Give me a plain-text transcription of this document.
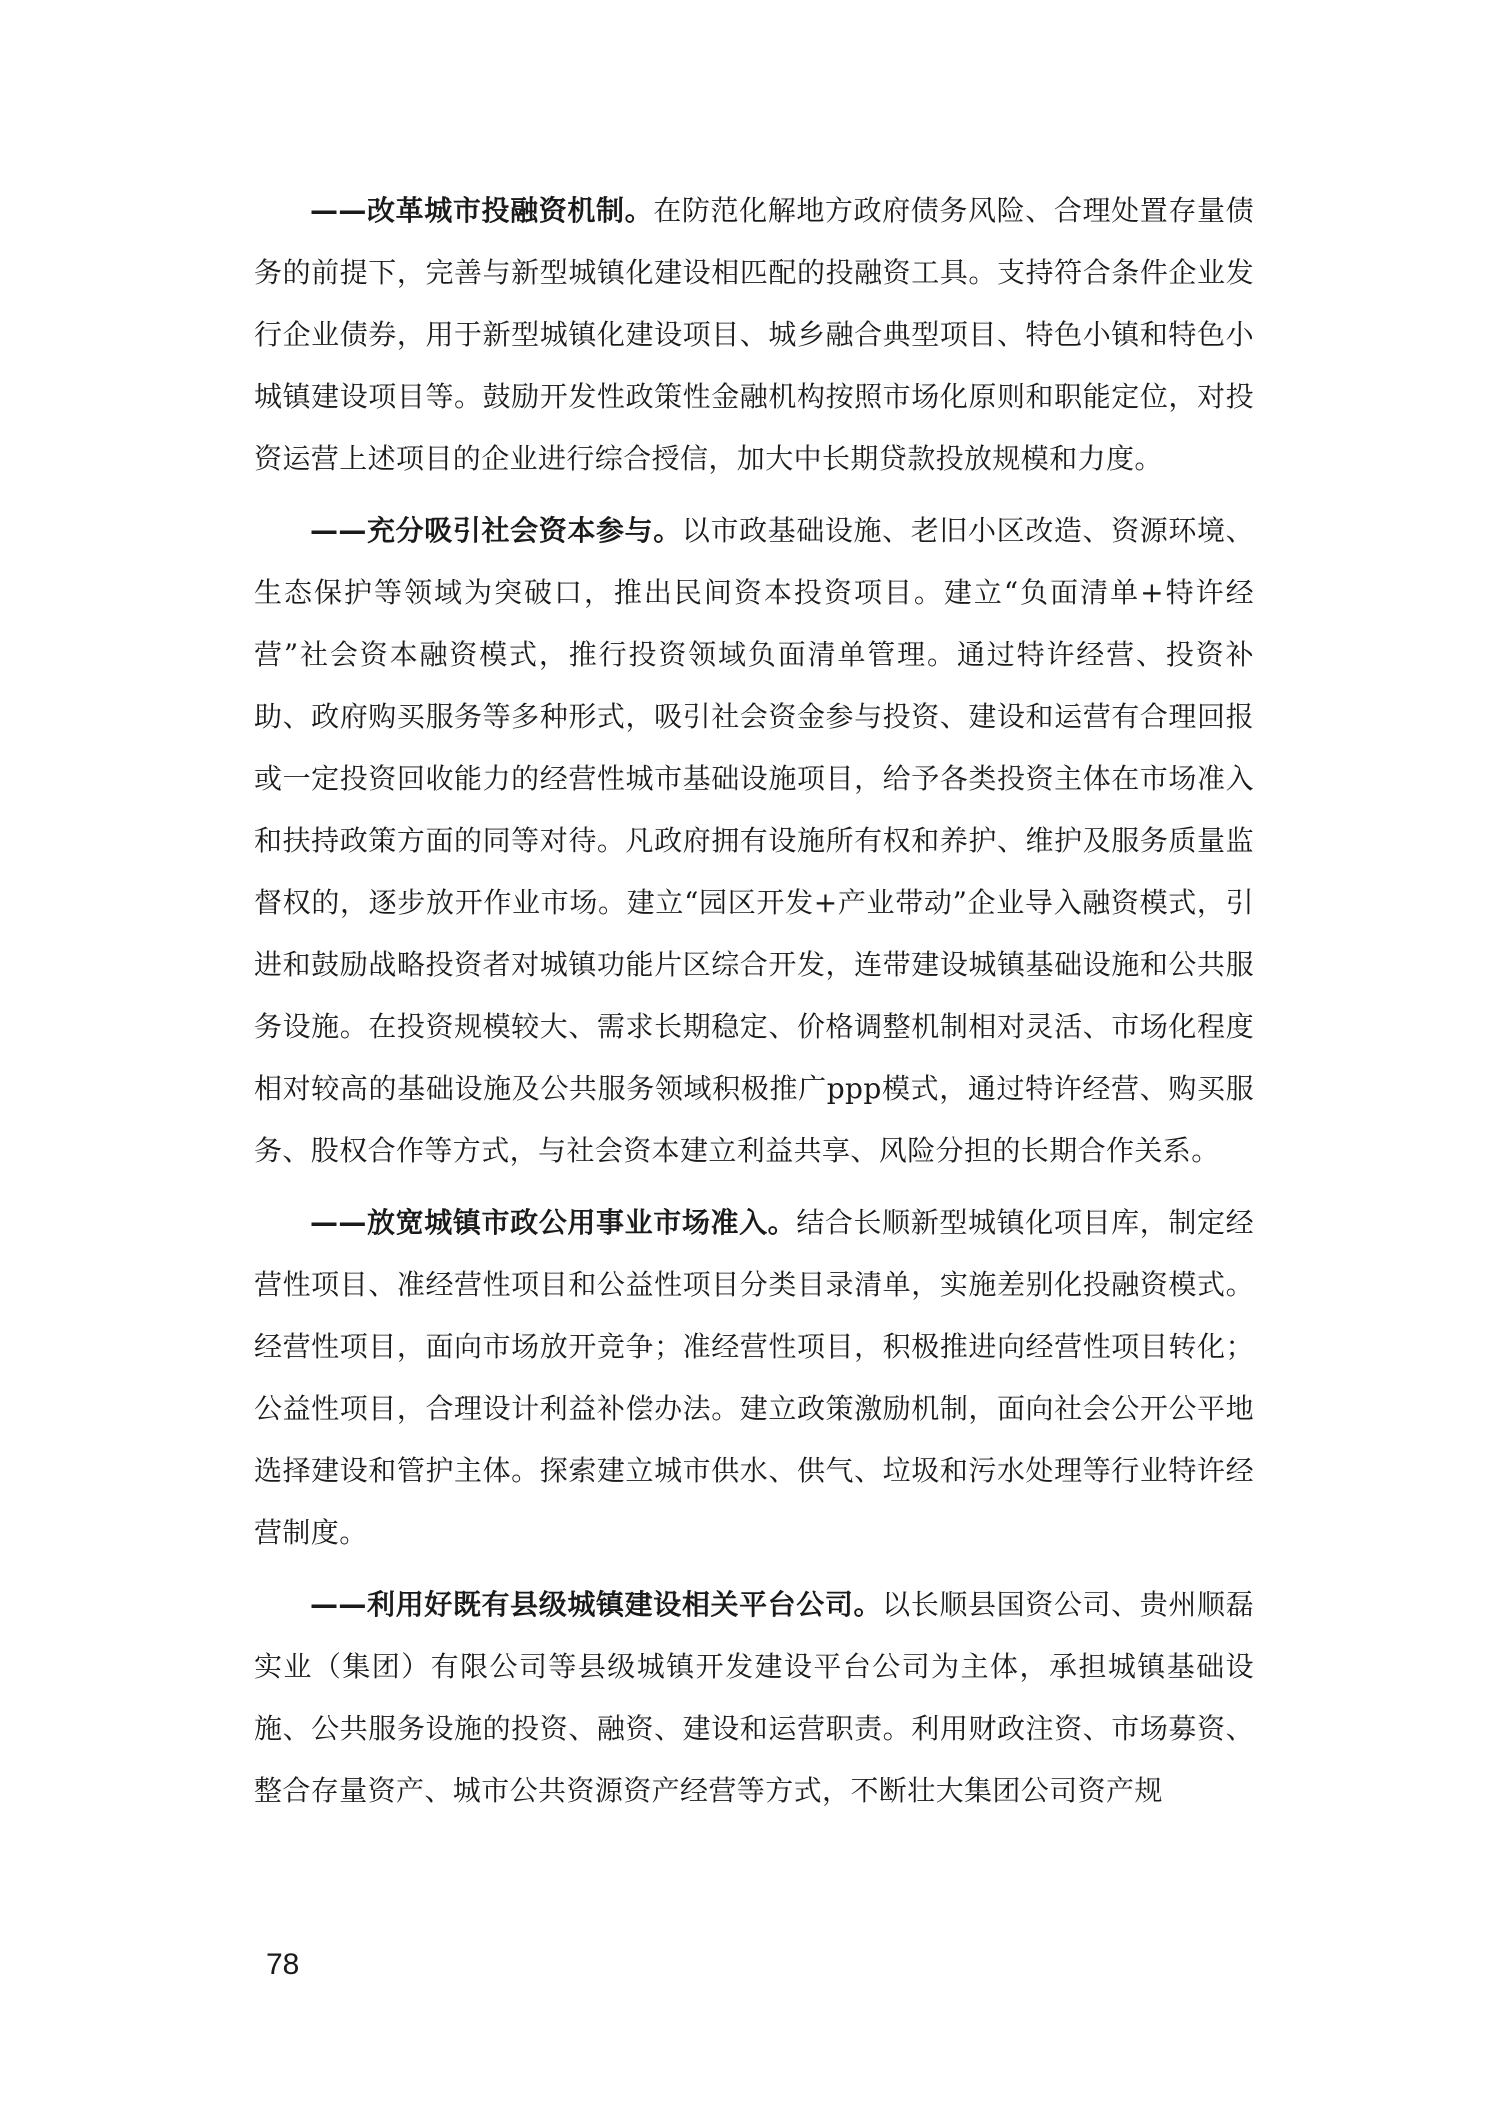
——改革城市投融资机制。在防范化解地方政府债务风险、合理处置存量债务的前提下，完善与新型城镇化建设相匹配的投融资工具。支持符合条件企业发行企业债券，用于新型城镇化建设项目、城乡融合典型项目、特色小镇和特色小城镇建设项目等。鼓励开发性政策性金融机构按照市场化原则和职能定位，对投资运营上述项目的企业进行综合授信，加大中长期贷款投放规模和力度。

——充分吸引社会资本参与。以市政基础设施、老旧小区改造、资源环境、生态保护等领域为突破口，推出民间资本投资项目。建立“负面清单+特许经营”社会资本融资模式，推行投资领域负面清单管理。通过特许经营、投资补助、政府购买服务等多种形式，吸引社会资金参与投资、建设和运营有合理回报或一定投资回收能力的经营性城市基础设施项目，给予各类投资主体在市场准入和扶持政策方面的同等对待。凡政府拥有设施所有权和养护、维护及服务质量监督权的，逐步放开作业市场。建立“园区开发+产业带动”企业导入融资模式，引进和鼓励战略投资者对城镇功能片区综合开发，连带建设城镇基础设施和公共服务设施。在投资规模较大、需求长期稳定、价格调整机制相对灵活、市场化程度相对较高的基础设施及公共服务领域积极推广ppp模式，通过特许经营、购买服务、股权合作等方式，与社会资本建立利益共享、风险分担的长期合作关系。

——放宽城镇市政公用事业市场准入。结合长顺新型城镇化项目库，制定经营性项目、准经营性项目和公益性项目分类目录清单，实施差别化投融资模式。经营性项目，面向市场放开竞争；准经营性项目，积极推进向经营性项目转化；公益性项目，合理设计利益补偿办法。建立政策激励机制，面向社会公开公平地选择建设和管护主体。探索建立城市供水、供气、垃圾和污水处理等行业特许经营制度。

——利用好既有县级城镇建设相关平台公司。以长顺县国资公司、贵州顺磊实业（集团）有限公司等县级城镇开发建设平台公司为主体，承担城镇基础设施、公共服务设施的投资、融资、建设和运营职责。利用财政注资、市场募资、整合存量资产、城市公共资源资产经营等方式，不断壮大集团公司资产规

78
